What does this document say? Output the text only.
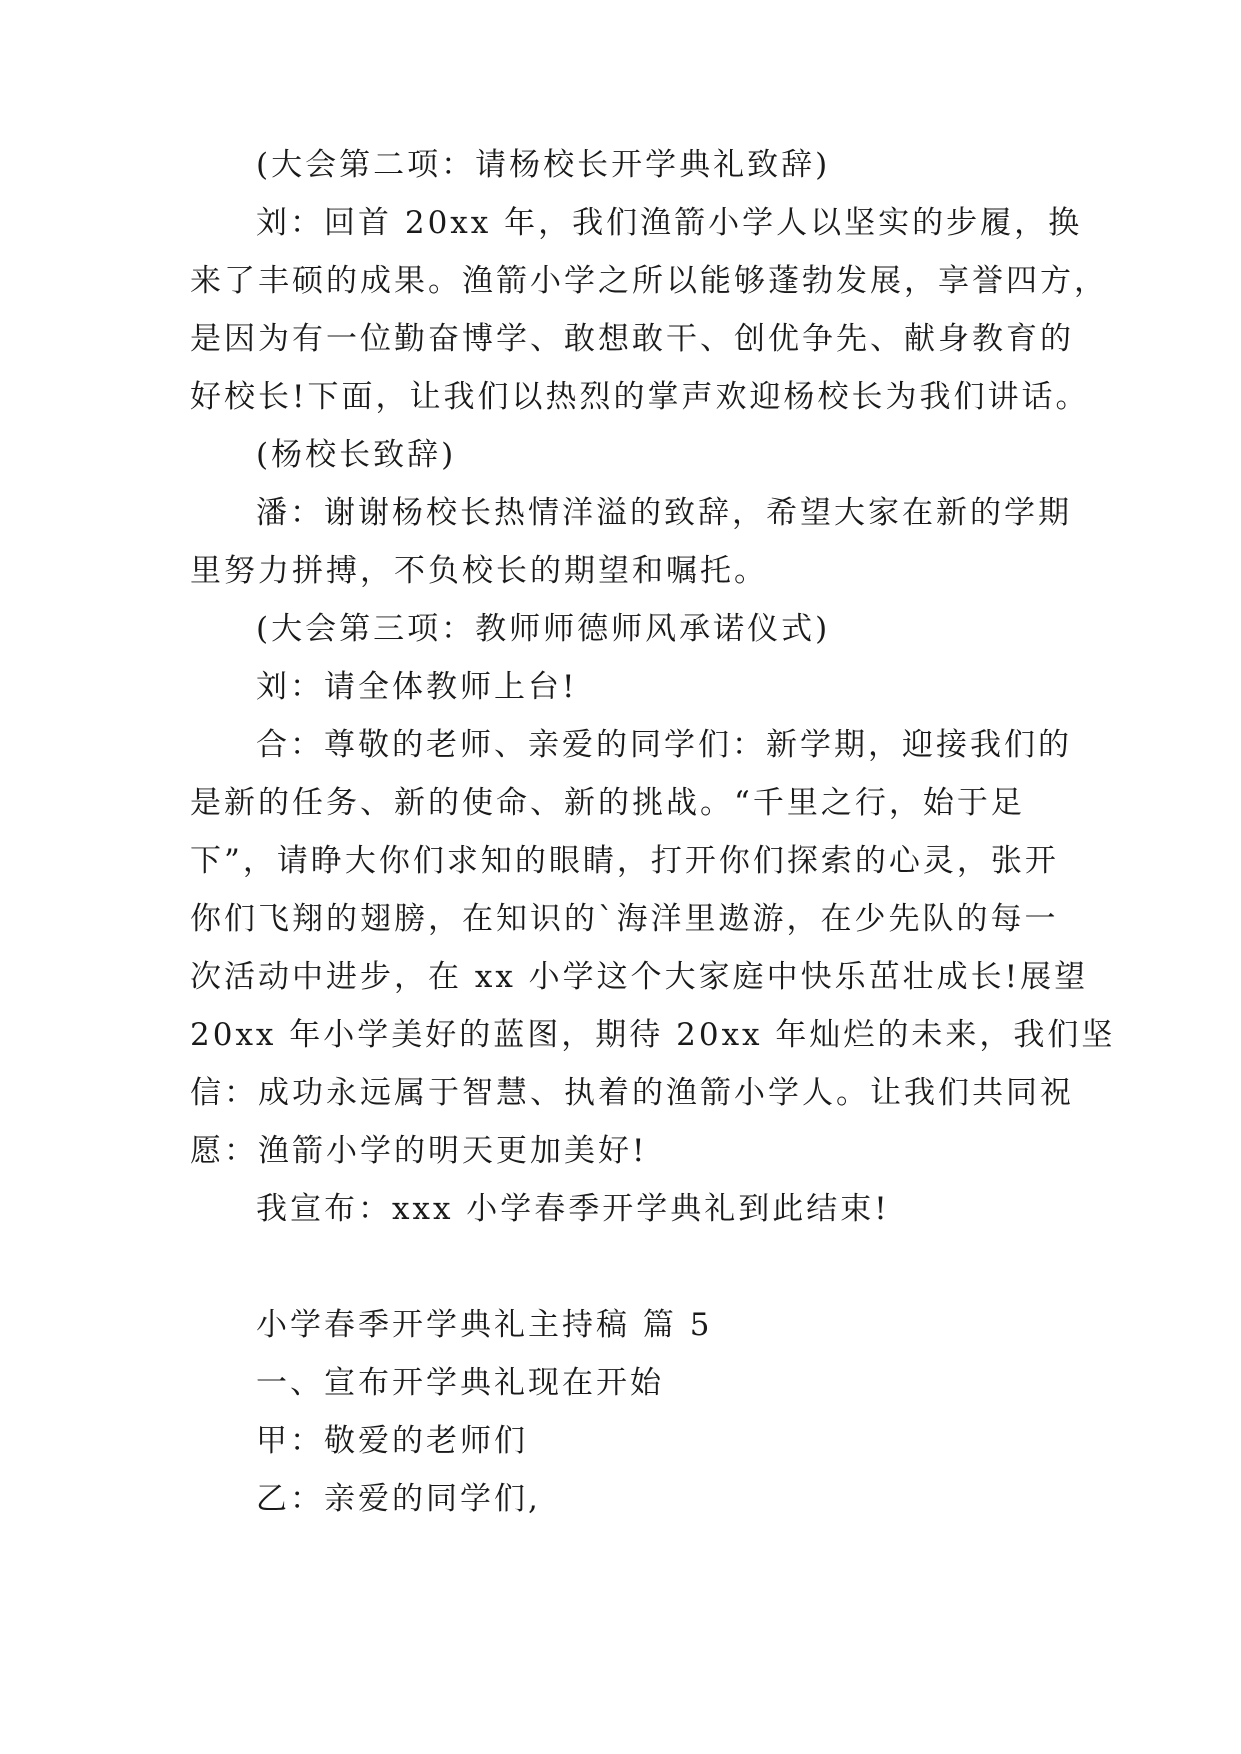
(大会第二项：请杨校长开学典礼致辞)

刘：回首 20xx 年，我们渔箭小学人以坚实的步履，换
来了丰硕的成果。渔箭小学之所以能够蓬勃发展，享誉四方，
是因为有一位勤奋博学、敢想敢干、创优争先、献身教育的
好校长!下面，让我们以热烈的掌声欢迎杨校长为我们讲话。

(杨校长致辞)

潘：谢谢杨校长热情洋溢的致辞，希望大家在新的学期
里努力拼搏，不负校长的期望和嘱托。

(大会第三项：教师师德师风承诺仪式)

刘：请全体教师上台!

合：尊敬的老师、亲爱的同学们：新学期，迎接我们的
是新的任务、新的使命、新的挑战。“千里之行，始于足
下”，请睁大你们求知的眼睛，打开你们探索的心灵，张开
你们飞翔的翅膀，在知识的`海洋里遨游，在少先队的每一
次活动中进步，在 xx 小学这个大家庭中快乐茁壮成长!展望
20xx 年小学美好的蓝图，期待 20xx 年灿烂的未来，我们坚
信：成功永远属于智慧、执着的渔箭小学人。让我们共同祝
愿：渔箭小学的明天更加美好!

我宣布：xxx 小学春季开学典礼到此结束!

小学春季开学典礼主持稿 篇 5

一、宣布开学典礼现在开始

甲：敬爱的老师们

乙：亲爱的同学们,
